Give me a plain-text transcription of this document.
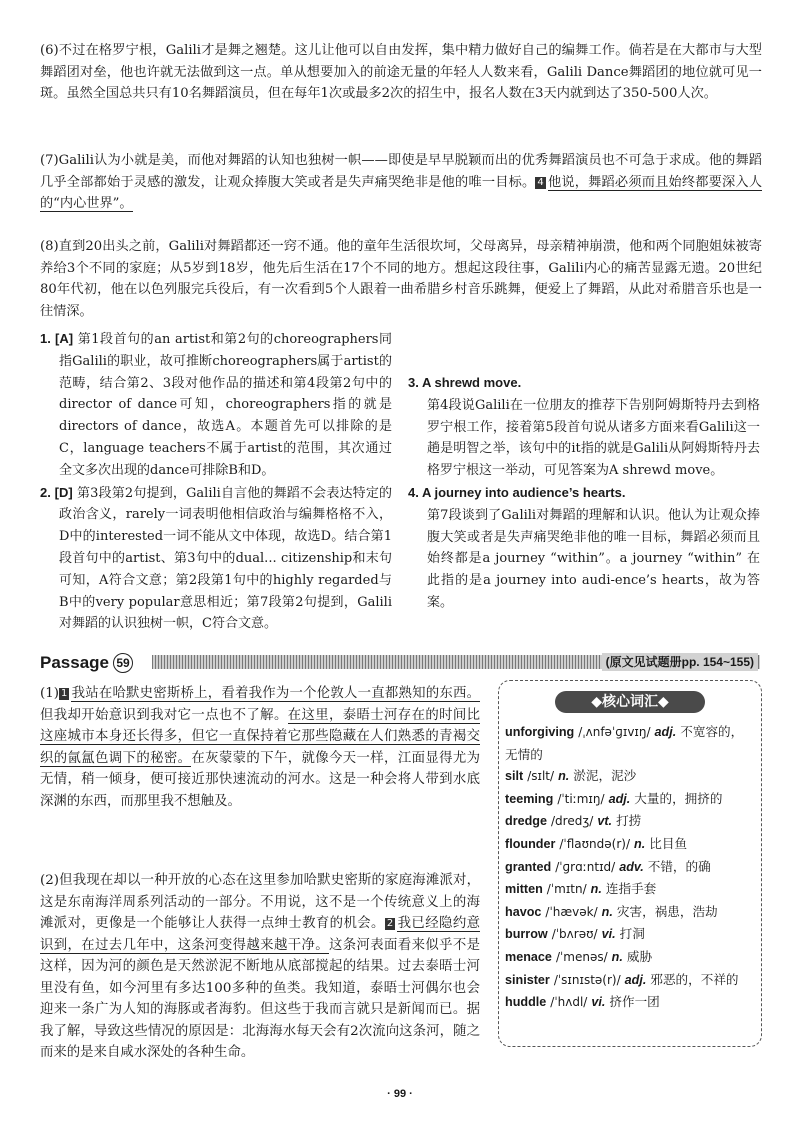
(6)不过在格罗宁根，Galili才是舞之翘楚。这儿让他可以自由发挥，集中精力做好自己的编舞工作。倘若是在大都市与大型舞蹈团对垒，他也许就无法做到这一点。单从想要加入的前途无量的年轻人人数来看，Galili Dance舞蹈团的地位就可见一斑。虽然全国总共只有10名舞蹈演员，但在每年1次或最多2次的招生中，报名人数在3天内就到达了350-500人次。

(7)Galili认为小就是美，而他对舞蹈的认知也独树一帜——即使是早早脱颖而出的优秀舞蹈演员也不可急于求成。他的舞蹈几乎全部都始于灵感的激发，让观众捧腹大笑或者是失声痛哭绝非是他的唯一目标。 4 他说，舞蹈必须而且始终都要深入人的“内心世界”。

(8)直到20出头之前，Galili对舞蹈都还一窍不通。他的童年生活很坎坷，父母离异，母亲精神崩溃，他和两个同胞姐妹被寄养给3个不同的家庭；从5岁到18岁，他先后生活在17个不同的地方。想起这段往事，Galili内心的痛苦显露无遗。20世纪80年代初，他在以色列服完兵役后，有一次看到5个人跟着一曲希腊乡村音乐跳舞，便爱上了舞蹈，从此对希腊音乐也是一往情深。

1. [A] 第1段首句的an artist和第2句的choreographers同指Galili的职业，故可推断choreographers属于artist的范畴，结合第2、3段对他作品的描述和第4段第2句中的director of dance可知，choreographers指的就是directors of dance，故选A。本题首先可以排除的是C，language teachers不属于artist的范围，其次通过全文多次出现的dance可排除B和D。

2. [D] 第3段第2句提到，Galili自言他的舞蹈不会表达特定的政治含义，rarely一词表明他相信政治与编舞格格不入，D中的interested一词不能从文中体现，故选D。结合第1段首句中的artist、第3句中的dual... citizenship和末句可知，A符合文意；第2段第1句中的highly regarded与B中的very popular意思相近；第7段第2句提到，Galili对舞蹈的认识独树一帜，C符合文意。

3. A shrewd move.

第4段说Galili在一位朋友的推荐下告别阿姆斯特丹去到格罗宁根工作，接着第5段首句说从诸多方面来看Galili这一趟是明智之举，该句中的it指的就是Galili从阿姆斯特丹去格罗宁根这一举动，可见答案为A shrewd move。

4. A journey into audience’s hearts.

第7段谈到了Galili对舞蹈的理解和认识。他认为让观众捧腹大笑或者是失声痛哭绝非他的唯一目标，舞蹈必须而且始终都是a journey “within”。a journey “within” 在此指的是a journey into audi-ence’s hearts，故为答案。

Passage 59	(原文见试题册pp. 154~155)

(1) 1 我站在哈默史密斯桥上，看着我作为一个伦敦人一直都熟知的东西。但我却开始意识到我对它一点也不了解。在这里，泰晤士河存在的时间比这座城市本身还长得多，但它一直保持着它那些隐藏在人们熟悉的青褐交织的氤氲色调下的秘密。在灰蒙蒙的下午，就像今天一样，江面显得尤为无情，稍一倾身，便可接近那快速流动的河水。这是一种会将人带到水底深渊的东西，而那里我不想触及。

(2)但我现在却以一种开放的心态在这里参加哈默史密斯的家庭海滩派对，这是东南海洋周系列活动的一部分。不用说，这不是一个传统意义上的海滩派对，更像是一个能够让人获得一点绅士教育的机会。 2 我已经隐约意识到，在过去几年中，这条河变得越来越干净。这条河表面看来似乎不是这样，因为河的颜色是天然淤泥不断地从底部搅起的结果。过去泰晤士河里没有鱼，如今河里有多达100多种的鱼类。我知道，泰晤士河偶尔也会迎来一条广为人知的海豚或者海豹。但这些于我而言就只是新闻而已。据我了解，导致这些情况的原因是：北海海水每天会有2次流向这条河，随之而来的是来自咸水深处的各种生命。

◆核心词汇◆
unforgiving /ˌʌnfəˈɡɪvɪŋ/ adj. 不宽容的，无情的
silt /sɪlt/ n. 淤泥，泥沙
teeming /ˈtiːmɪŋ/ adj. 大量的，拥挤的
dredge /dredʒ/ vt. 打捞
flounder /ˈflaʊndə(r)/ n. 比目鱼
granted /ˈɡrɑːntɪd/ adv. 不错，的确
mitten /ˈmɪtn/ n. 连指手套
havoc /ˈhævək/ n. 灾害，祸患，浩劫
burrow /ˈbʌrəʊ/ vi. 打洞
menace /ˈmenəs/ n. 威胁
sinister /ˈsɪnɪstə(r)/ adj. 邪恶的，不祥的
huddle /ˈhʌdl/ vi. 挤作一团
· 99 ·
